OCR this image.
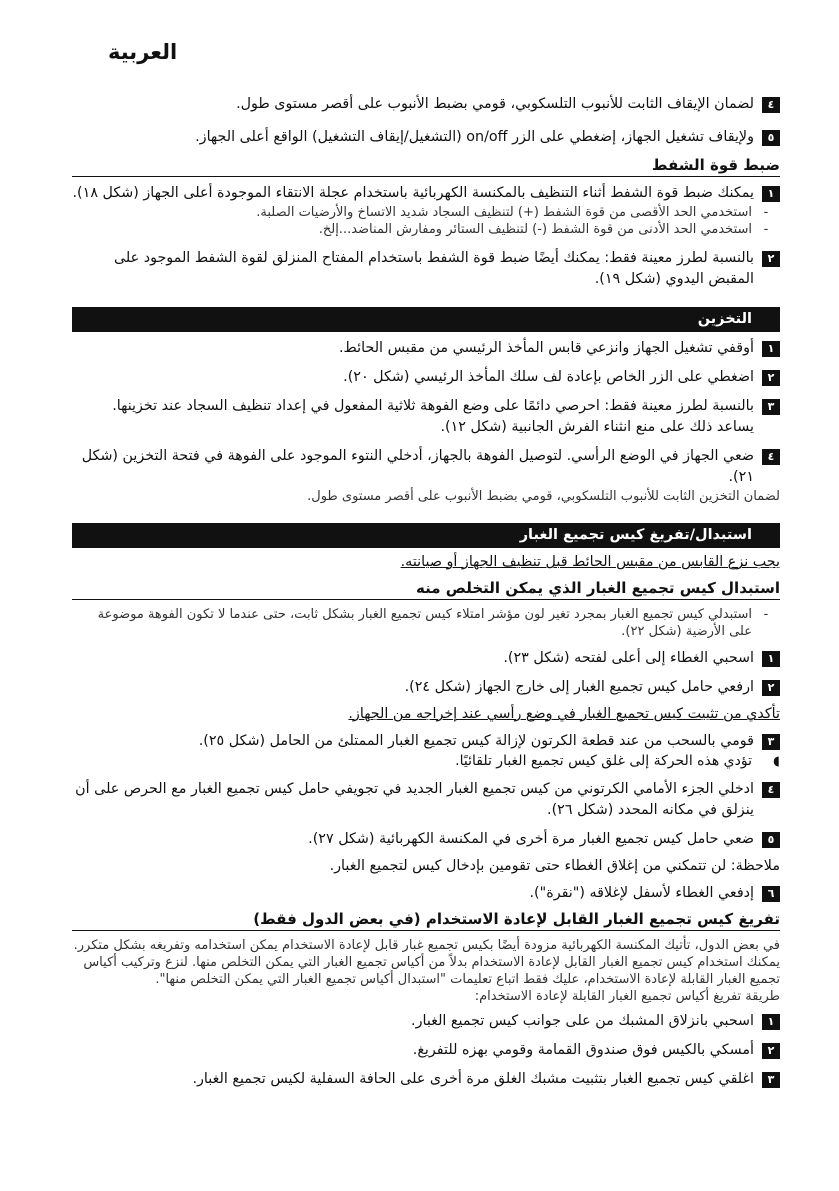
العربية
٤
لضمان الإيقاف الثابت للأنبوب التلسكوبي، قومي بضبط الأنبوب على أقصر مستوى طول.
٥
ولإيقاف تشغيل الجهاز، إضغطي على الزر on/off (التشغيل/إيقاف التشغيل) الواقع أعلى الجهاز.
ضبط قوة الشفط
١
يمكنك ضبط قوة الشفط أثناء التنظيف بالمكنسة الكهربائية باستخدام عجلة الانتقاء الموجودة أعلى الجهاز (شكل ١٨).
-
استخدمي الحد الأقصى من قوة الشفط (+) لتنظيف السجاد شديد الاتساخ والأرضيات الصلبة.
-
استخدمي الحد الأدنى من قوة الشفط (-) لتنظيف الستائر ومفارش المناضد...إلخ.
٢
بالنسبة لطرز معينة فقط: يمكنك أيضًا ضبط قوة الشفط باستخدام المفتاح المنزلق لقوة الشفط الموجود على المقبض اليدوي (شكل ١٩).
التخزين
١
أوقفي تشغيل الجهاز وانزعي قابس المأخذ الرئيسي من مقبس الحائط.
٢
اضغطي على الزر الخاص بإعادة لف سلك المأخذ الرئيسي (شكل ٢٠).
٣
بالنسبة لطرز معينة فقط: احرصي دائمًا على وضع الفوهة ثلاثية المفعول في إعداد تنظيف السجاد عند تخزينها. يساعد ذلك على منع انثناء الفرش الجانبية (شكل ١٢).
٤
ضعي الجهاز في الوضع الرأسي. لتوصيل الفوهة بالجهاز، أدخلي النتوء الموجود على الفوهة في فتحة التخزين (شكل ٢١).
لضمان التخزين الثابت للأنبوب التلسكوبي، قومي بضبط الأنبوب على أقصر مستوى طول.
استبدال/تفريغ كيس تجميع الغبار
يجب نزع القابس من مقبس الحائط قبل تنظيف الجهاز أو صيانته.
استبدال كيس تجميع الغبار الذي يمكن التخلص منه
-
استبدلي كيس تجميع الغبار بمجرد تغير لون مؤشر امتلاء كيس تجميع الغبار بشكل ثابت، حتى عندما لا تكون الفوهة موضوعة على الأرضية (شكل ٢٢).
١
اسحبي الغطاء إلى أعلى لفتحه (شكل ٢٣).
٢
ارفعي حامل كيس تجميع الغبار إلى خارج الجهاز (شكل ٢٤).
تأكدي من تثبيت كيس تجميع الغبار في وضع رأسي عند إخراجه من الجهاز.
٣
قومي بالسحب من عند قطعة الكرتون لإزالة كيس تجميع الغبار الممتلئ من الحامل (شكل ٢٥).
◖
تؤدي هذه الحركة إلى غلق كيس تجميع الغبار تلقائيًا.
٤
ادخلي الجزء الأمامي الكرتوني من كيس تجميع الغبار الجديد في تجويفي حامل كيس تجميع الغبار مع الحرص على أن ينزلق في مكانه المحدد (شكل ٢٦).
٥
ضعي حامل كيس تجميع الغبار مرة أخرى في المكنسة الكهربائية (شكل ٢٧).
ملاحظة: لن تتمكني من إغلاق الغطاء حتى تقومين بإدخال كيس لتجميع الغبار.
٦
إدفعي الغطاء لأسفل لإغلاقه ("نقرة").
تفريغ كيس تجميع الغبار القابل لإعادة الاستخدام (في بعض الدول فقط)
في بعض الدول، تأتيك المكنسة الكهربائية مزودة أيضًا بكيس تجميع غبار قابل لإعادة الاستخدام يمكن استخدامه وتفريغه بشكل متكرر. يمكنك استخدام كيس تجميع الغبار القابل لإعادة الاستخدام بدلاً من أكياس تجميع الغبار التي يمكن التخلص منها. لنزع وتركيب أكياس تجميع الغبار القابلة لإعادة الاستخدام، عليك فقط اتباع تعليمات "استبدال أكياس تجميع الغبار التي يمكن التخلص منها".
طريقة تفريغ أكياس تجميع الغبار القابلة لإعادة الاستخدام:
١
اسحبي بانزلاق المشبك من على جوانب كيس تجميع الغبار.
٢
أمسكي بالكيس فوق صندوق القمامة وقومي بهزه للتفريغ.
٣
اغلقي كيس تجميع الغبار بتثبيت مشبك الغلق مرة أخرى على الحافة السفلية لكيس تجميع الغبار.
